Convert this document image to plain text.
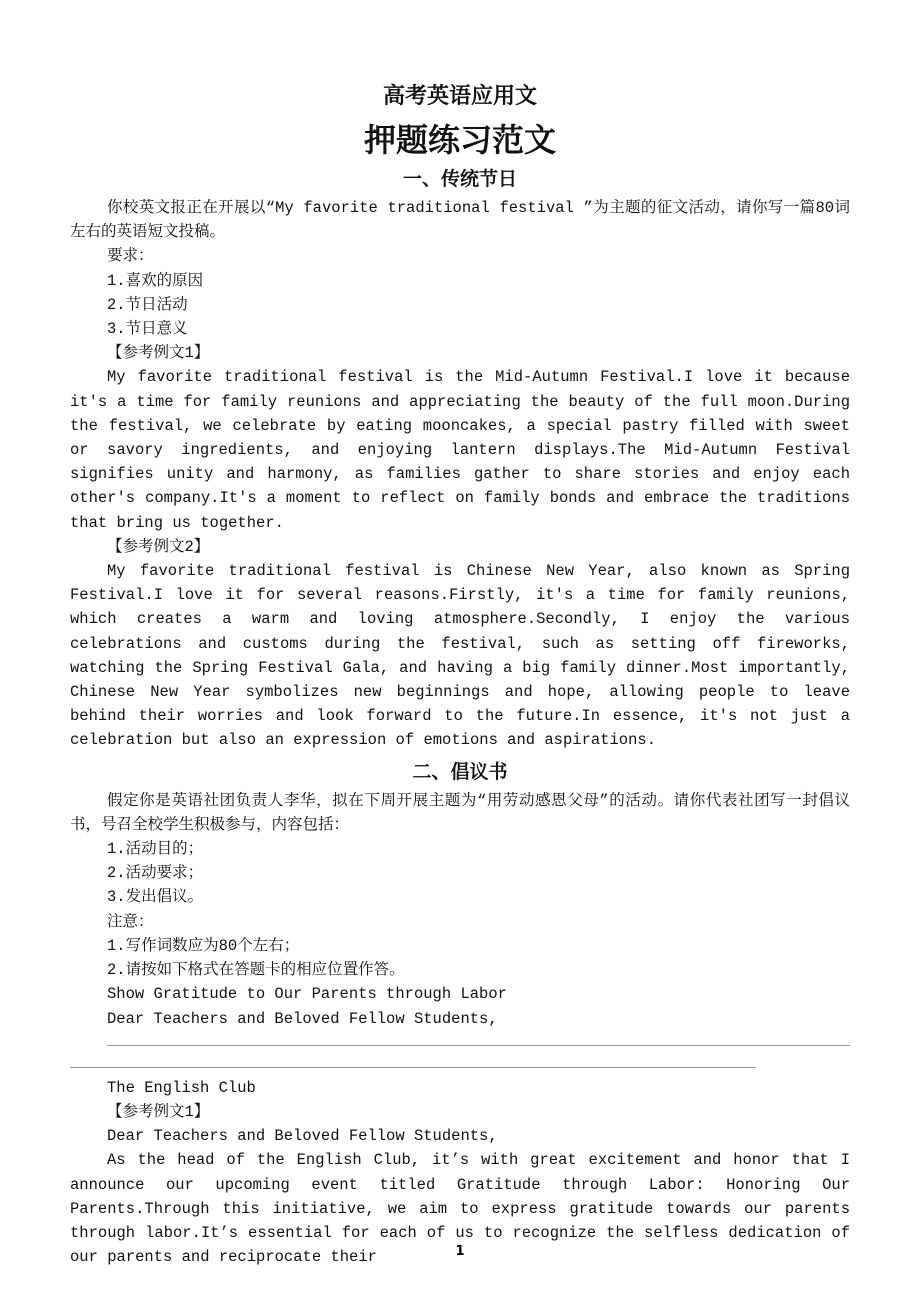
高考英语应用文
押题练习范文
一、传统节日

你校英文报正在开展以“My favorite traditional festival ”为主题的征文活动，请你写一篇80词左右的英语短文投稿。

要求：

1.喜欢的原因

2.节日活动

3.节日意义

【参考例文1】

My favorite traditional festival is the Mid-Autumn Festival.I love it because it's a time for family reunions and appreciating the beauty of the full moon.During the festival, we celebrate by eating mooncakes, a special pastry filled with sweet or savory ingredients, and enjoying lantern displays.The Mid-Autumn Festival signifies unity and harmony, as families gather to share stories and enjoy each other's company.It's a moment to reflect on family bonds and embrace the traditions that bring us together.

【参考例文2】

My favorite traditional festival is Chinese New Year, also known as Spring Festival.I love it for several reasons.Firstly, it's a time for family reunions, which creates a warm and loving atmosphere.Secondly, I enjoy the various celebrations and customs during the festival, such as setting off fireworks, watching the Spring Festival Gala, and having a big family dinner.Most importantly, Chinese New Year symbolizes new beginnings and hope, allowing people to leave behind their worries and look forward to the future.In essence, it's not just a celebration but also an expression of emotions and aspirations.

二、倡议书

假定你是英语社团负责人李华，拟在下周开展主题为“用劳动感恩父母”的活动。请你代表社团写一封倡议书，号召全校学生积极参与，内容包括：

1.活动目的；

2.活动要求；

3.发出倡议。

注意：

1.写作词数应为80个左右；

2.请按如下格式在答题卡的相应位置作答。

Show Gratitude to Our Parents through Labor

Dear Teachers and Beloved Fellow Students,

The English Club

【参考例文1】

Dear Teachers and Beloved Fellow Students,

As the head of the English Club, it’s with great excitement and honor that I announce our upcoming event titled Gratitude through Labor: Honoring Our Parents.Through this initiative, we aim to express gratitude towards our parents through labor.It’s essential for each of us to recognize the selfless dedication of our parents and reciprocate their	1
